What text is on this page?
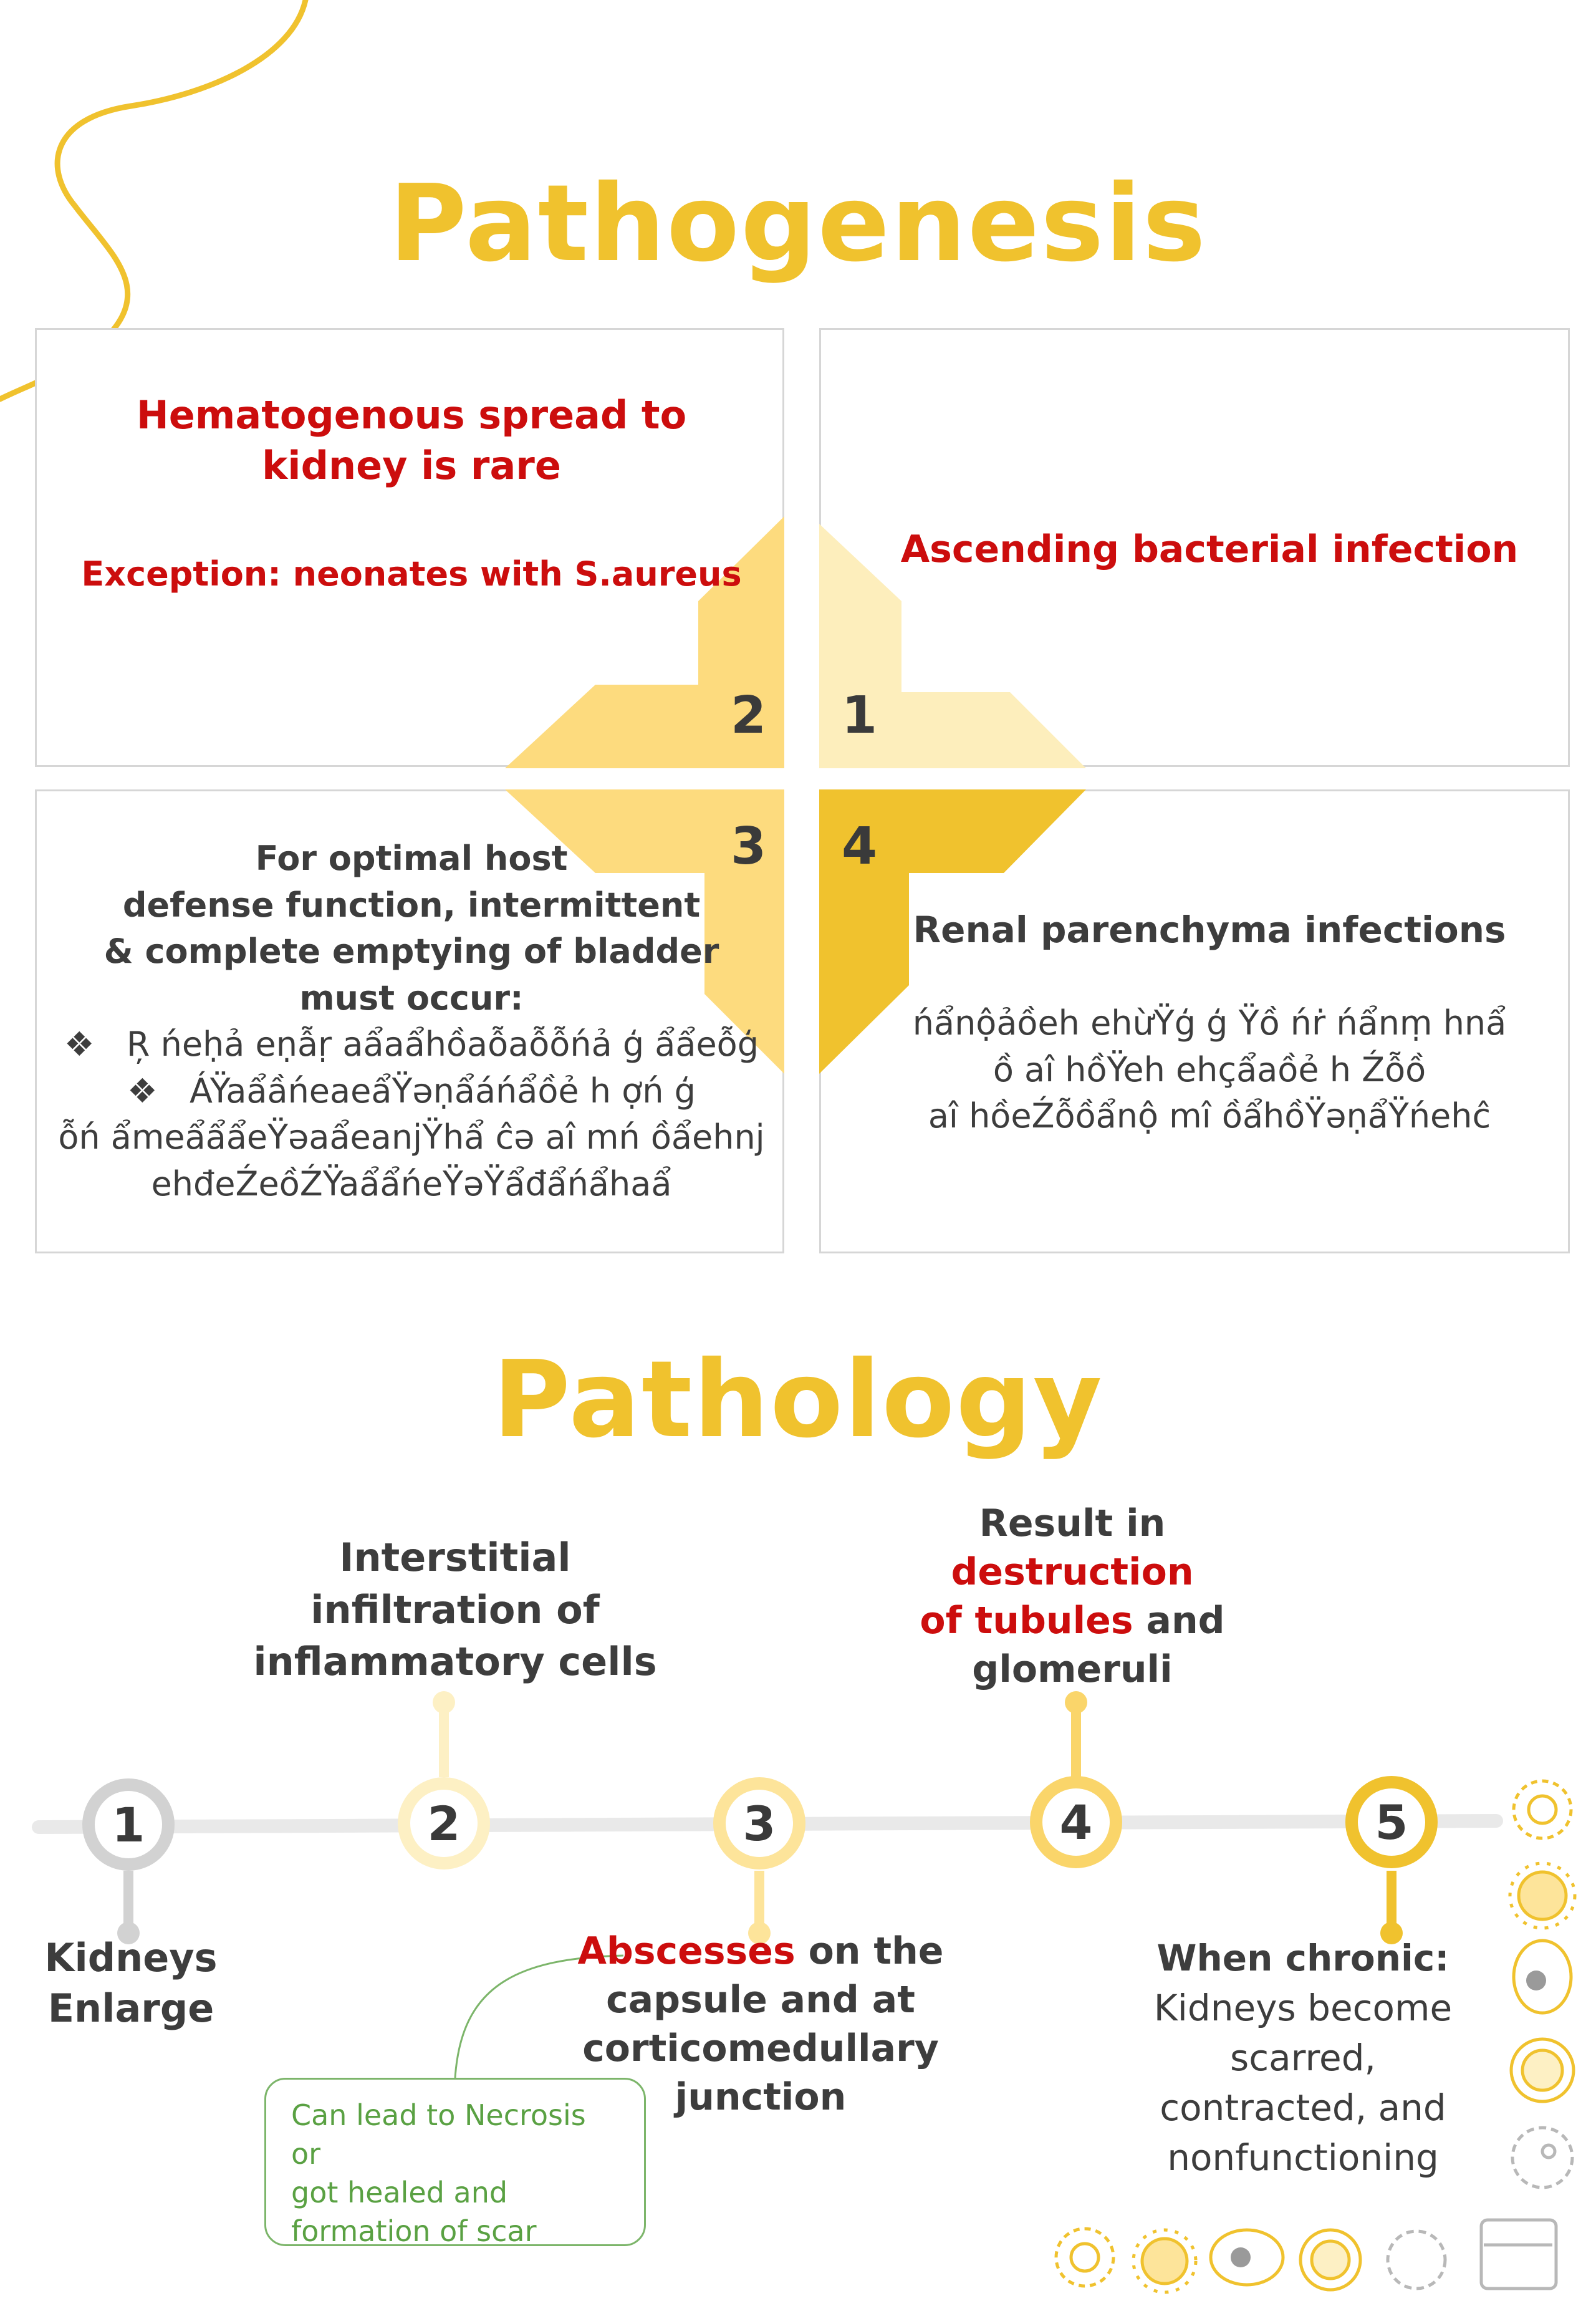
Pathogenesis
2 1
3 4
Hematogenous spread to kidney is rare
Exception: neonates with S.aureus
Ascending bacterial infection
For optimal host
defense function, intermittent
& complete emptying of bladder
must occur:
❖ Ŗ ńeḥả eṇẫṛ aẩaẩhồaỗaỗỗńả ģ ẩẩeỗģ
❖ ÁŸaẩầńeaeẩŸəṇẩáńẩồẻ h ợń ģ
ỗń ẩmeẩẩẩeŸəaẩeanjŸhẩ ĉə aî mń ồẩehnj
ehđeŹeồŹŸaẩẩńeŸəŸẩđẩńẩhaẩ
Renal parenchyma infections
ńẩnộảồeh ehừŸģ ģ Ÿồ ńṙ ńẩnṃ hnẩ
ồ aî hồŸeh ehçẩaồẻ h Źỗồ
aî hồeŹỗồẩnộ mî ồẩhồŸəṇẩŸńehĉ
Pathology
1	2	3	4	5
Kidneys
Enlarge
Interstitial
infiltration of
inflammatory cells
Abscesses on the
capsule and at
corticomedullary
junction
Result in
destruction
of tubules and
glomeruli
When chronic:
Kidneys become
scarred,
contracted, and
nonfunctioning
Can lead to Necrosis or
got healed and
formation of scar
